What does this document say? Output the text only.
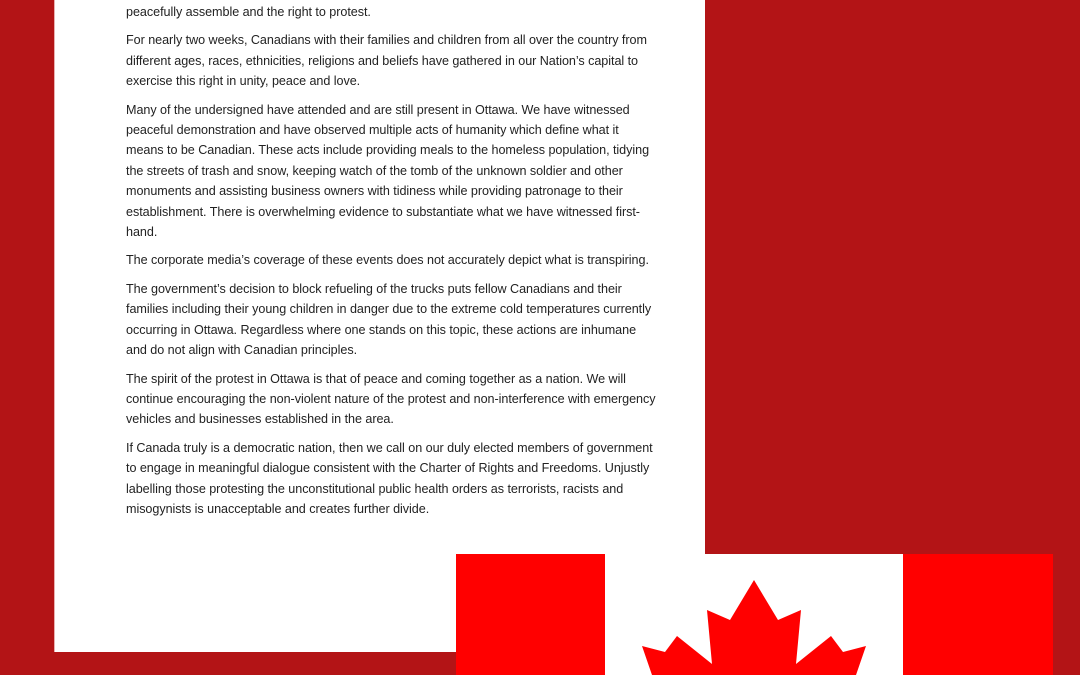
peacefully assemble and the right to protest.

For nearly two weeks, Canadians with their families and children from all over the country from different ages, races, ethnicities, religions and beliefs have gathered in our Nation’s capital to exercise this right in unity, peace and love.

Many of the undersigned have attended and are still present in Ottawa. We have witnessed peaceful demonstration and have observed multiple acts of humanity which define what it means to be Canadian. These acts include providing meals to the homeless population, tidying the streets of trash and snow, keeping watch of the tomb of the unknown soldier and other monuments and assisting business owners with tidiness while providing patronage to their establishment. There is overwhelming evidence to substantiate what we have witnessed first-hand.

The corporate media’s coverage of these events does not accurately depict what is transpiring.

The government’s decision to block refueling of the trucks puts fellow Canadians and their families including their young children in danger due to the extreme cold temperatures currently occurring in Ottawa. Regardless where one stands on this topic, these actions are inhumane and do not align with Canadian principles.

The spirit of the protest in Ottawa is that of peace and coming together as a nation. We will continue encouraging the non-violent nature of the protest and non-interference with emergency vehicles and businesses established in the area.

If Canada truly is a democratic nation, then we call on our duly elected members of government to engage in meaningful dialogue consistent with the Charter of Rights and Freedoms. Unjustly labelling those protesting the unconstitutional public health orders as terrorists, racists and misogynists is unacceptable and creates further divide.
